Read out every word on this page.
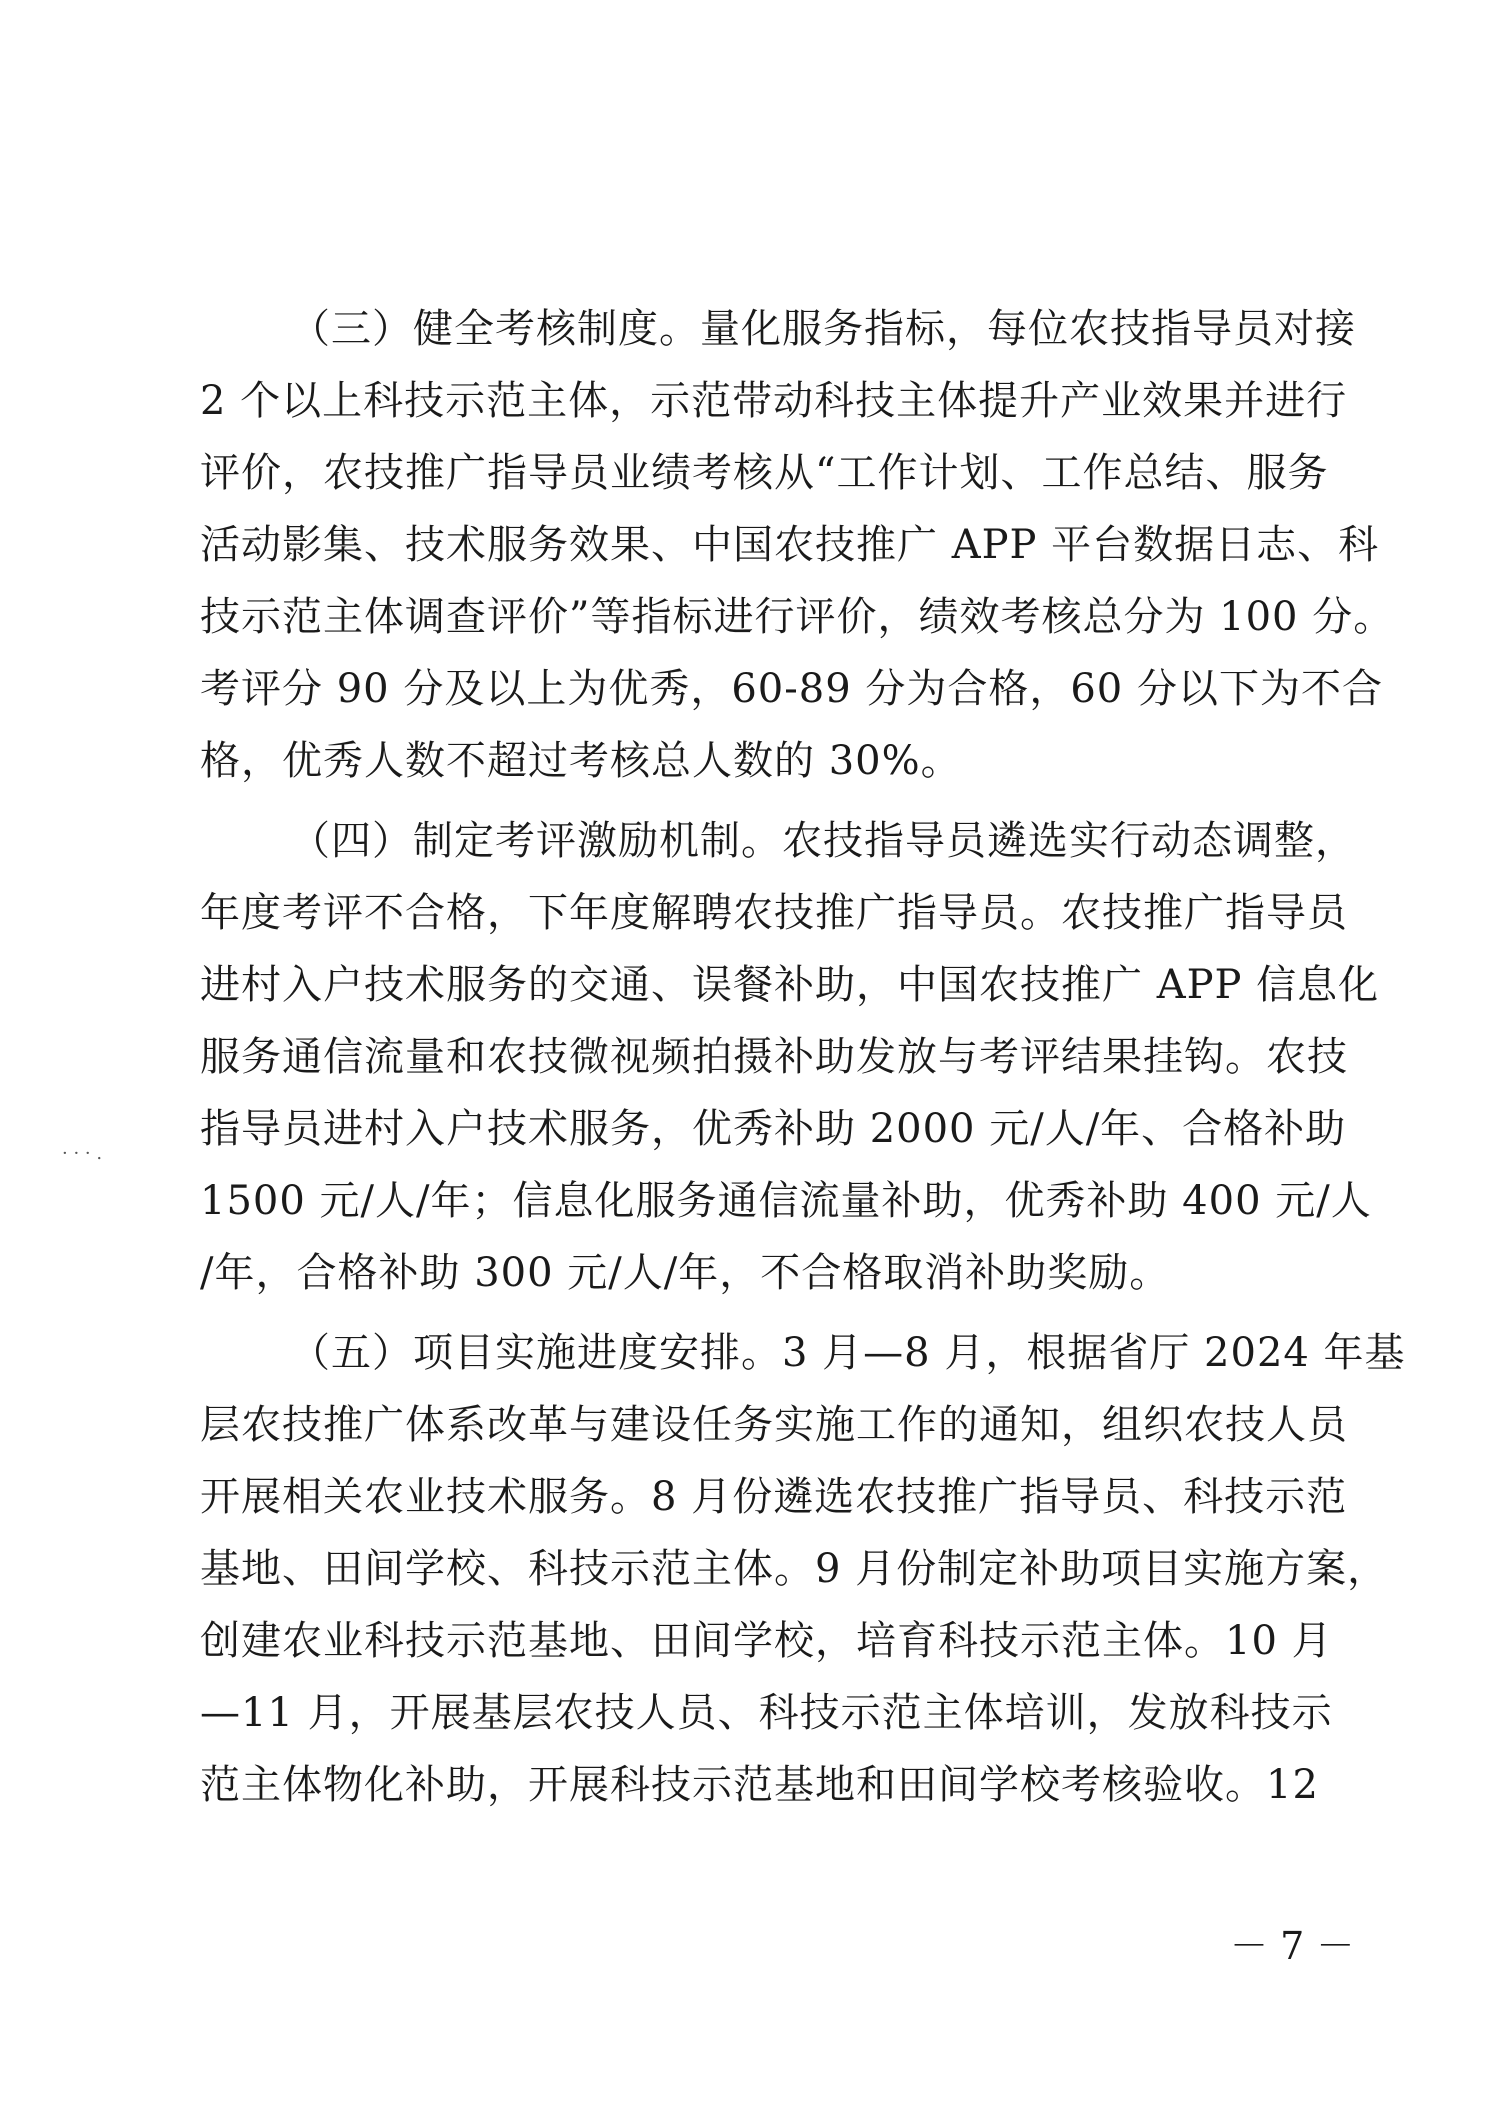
（三）健全考核制度。量化服务指标，每位农技指导员对接
2 个以上科技示范主体，示范带动科技主体提升产业效果并进行
评价，农技推广指导员业绩考核从“工作计划、工作总结、服务
活动影集、技术服务效果、中国农技推广 APP 平台数据日志、科
技示范主体调查评价”等指标进行评价，绩效考核总分为 100 分。
考评分 90 分及以上为优秀，60-89 分为合格，60 分以下为不合
格，优秀人数不超过考核总人数的 30%。
（四）制定考评激励机制。农技指导员遴选实行动态调整，
年度考评不合格，下年度解聘农技推广指导员。农技推广指导员
进村入户技术服务的交通、误餐补助，中国农技推广 APP 信息化
服务通信流量和农技微视频拍摄补助发放与考评结果挂钩。农技
指导员进村入户技术服务，优秀补助 2000 元/人/年、合格补助
1500 元/人/年；信息化服务通信流量补助，优秀补助 400 元/人
/年，合格补助 300 元/人/年，不合格取消补助奖励。
（五）项目实施进度安排。3 月—8 月，根据省厅 2024 年基
层农技推广体系改革与建设任务实施工作的通知，组织农技人员
开展相关农业技术服务。8 月份遴选农技推广指导员、科技示范
基地、田间学校、科技示范主体。9 月份制定补助项目实施方案，
创建农业科技示范基地、田间学校，培育科技示范主体。10 月
—11 月，开展基层农技人员、科技示范主体培训，发放科技示
范主体物化补助，开展科技示范基地和田间学校考核验收。12
· · · .
－ 7 －
